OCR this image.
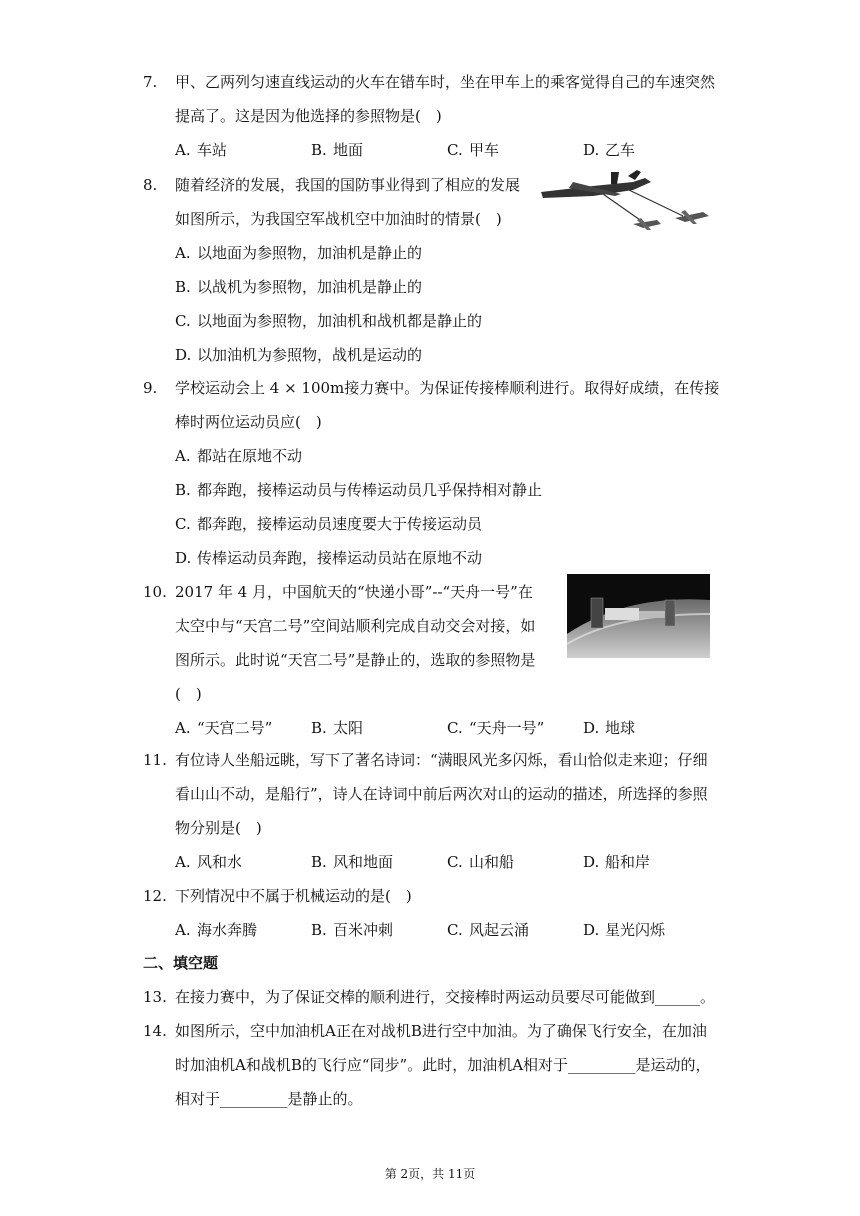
7. 甲、乙两列匀速直线运动的火车在错车时，坐在甲车上的乘客觉得自己的车速突然
提高了。这是因为他选择的参照物是(　)
A. 车站	B. 地面	C. 甲车	D. 乙车
8. 随着经济的发展，我国的国防事业得到了相应的发展
如图所示，为我国空军战机空中加油时的情景(　)
A. 以地面为参照物，加油机是静止的
B. 以战机为参照物，加油机是静止的
C. 以地面为参照物，加油机和战机都是静止的
D. 以加油机为参照物，战机是运动的
9. 学校运动会上 4 × 100m接力赛中。为保证传接棒顺利进行。取得好成绩，在传接
棒时两位运动员应(　)
A. 都站在原地不动
B. 都奔跑，接棒运动员与传棒运动员几乎保持相对静止
C. 都奔跑，接棒运动员速度要大于传接运动员
D. 传棒运动员奔跑，接棒运动员站在原地不动
10. 2017 年 4 月，中国航天的“快递小哥”--“天舟一号”在
太空中与“天宫二号”空间站顺利完成自动交会对接，如
图所示。此时说“天宫二号”是静止的，选取的参照物是
(　)
A. “天宫二号”	B. 太阳	C. “天舟一号”	D. 地球
11. 有位诗人坐船远眺，写下了著名诗词：“满眼风光多闪烁，看山恰似走来迎；仔细
看山山不动，是船行”，诗人在诗词中前后两次对山的运动的描述，所选择的参照
物分别是(　)
A. 风和水	B. 风和地面	C. 山和船	D. 船和岸
12. 下列情况中不属于机械运动的是(　)
A. 海水奔腾	B. 百米冲刺	C. 风起云涌	D. 星光闪烁
二、填空题
13. 在接力赛中，为了保证交棒的顺利进行，交接棒时两运动员要尽可能做到______。
14. 如图所示，空中加油机A正在对战机B进行空中加油。为了确保飞行安全，在加油
时加油机A和战机B的飞行应“同步”。此时，加油机A相对于_________是运动的，
相对于_________是静止的。
第 2页，共 11页
